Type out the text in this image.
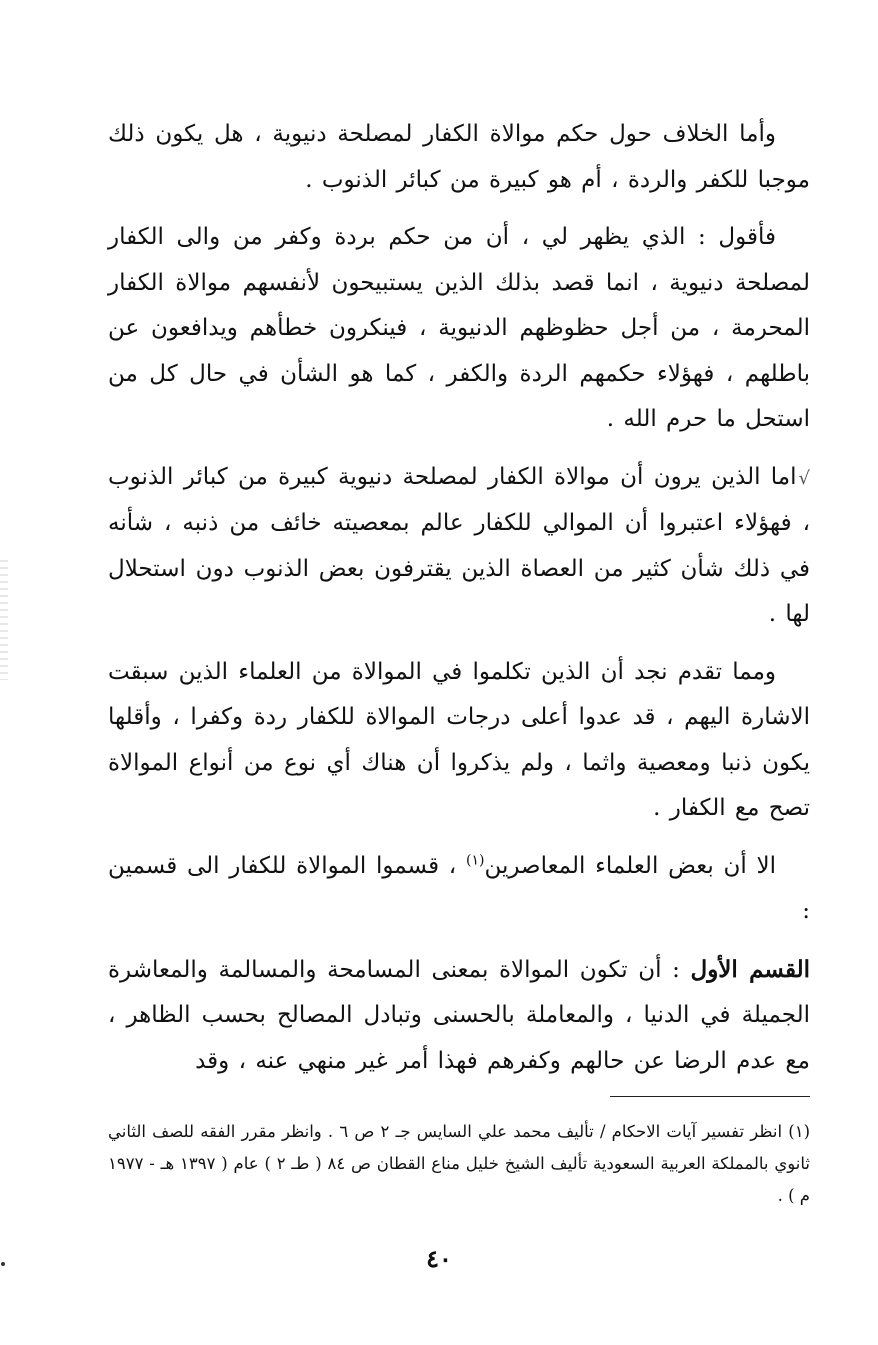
وأما الخلاف حول حكم موالاة الكفار لمصلحة دنيوية ، هل يكون ذلك موجبا للكفر والردة ، أم هو كبيرة من كبائر الذنوب .

فأقول : الذي يظهر لي ، أن من حكم بردة وكفر من والى الكفار لمصلحة دنيوية ، انما قصد بذلك الذين يستبيحون لأنفسهم موالاة الكفار المحرمة ، من أجل حظوظهم الدنيوية ، فينكرون خطأهم ويدافعون عن باطلهم ، فهؤلاء حكمهم الردة والكفر ، كما هو الشأن في حال كل من استحل ما حرم الله .

√اما الذين يرون أن موالاة الكفار لمصلحة دنيوية كبيرة من كبائر الذنوب ، فهؤلاء اعتبروا أن الموالي للكفار عالم بمعصيته خائف من ذنبه ، شأنه في ذلك شأن كثير من العصاة الذين يقترفون بعض الذنوب دون استحلال لها .

ومما تقدم نجد أن الذين تكلموا في الموالاة من العلماء الذين سبقت الاشارة اليهم ، قد عدوا أعلى درجات الموالاة للكفار ردة وكفرا ، وأقلها يكون ذنبا ومعصية واثما ، ولم يذكروا أن هناك أي نوع من أنواع الموالاة تصح مع الكفار .

الا أن بعض العلماء المعاصرين$^{(١)}$ ، قسموا الموالاة للكفار الى قسمين :

القسم الأول : أن تكون الموالاة بمعنى المسامحة والمسالمة والمعاشرة الجميلة في الدنيا ، والمعاملة بالحسنى وتبادل المصالح بحسب الظاهر ، مع عدم الرضا عن حالهم وكفرهم فهذا أمر غير منهي عنه ، وقد

(١) انظر تفسير آيات الاحكام / تأليف محمد علي السايس جـ ٢ ص ٦ . وانظر مقرر الفقه للصف الثاني ثانوي بالمملكة العربية السعودية تأليف الشيخ خليل مناع القطان ص ٨٤ ( طـ ٢ ) عام ( ١٣٩٧ هـ - ١٩٧٧ م ) .

٤٠
